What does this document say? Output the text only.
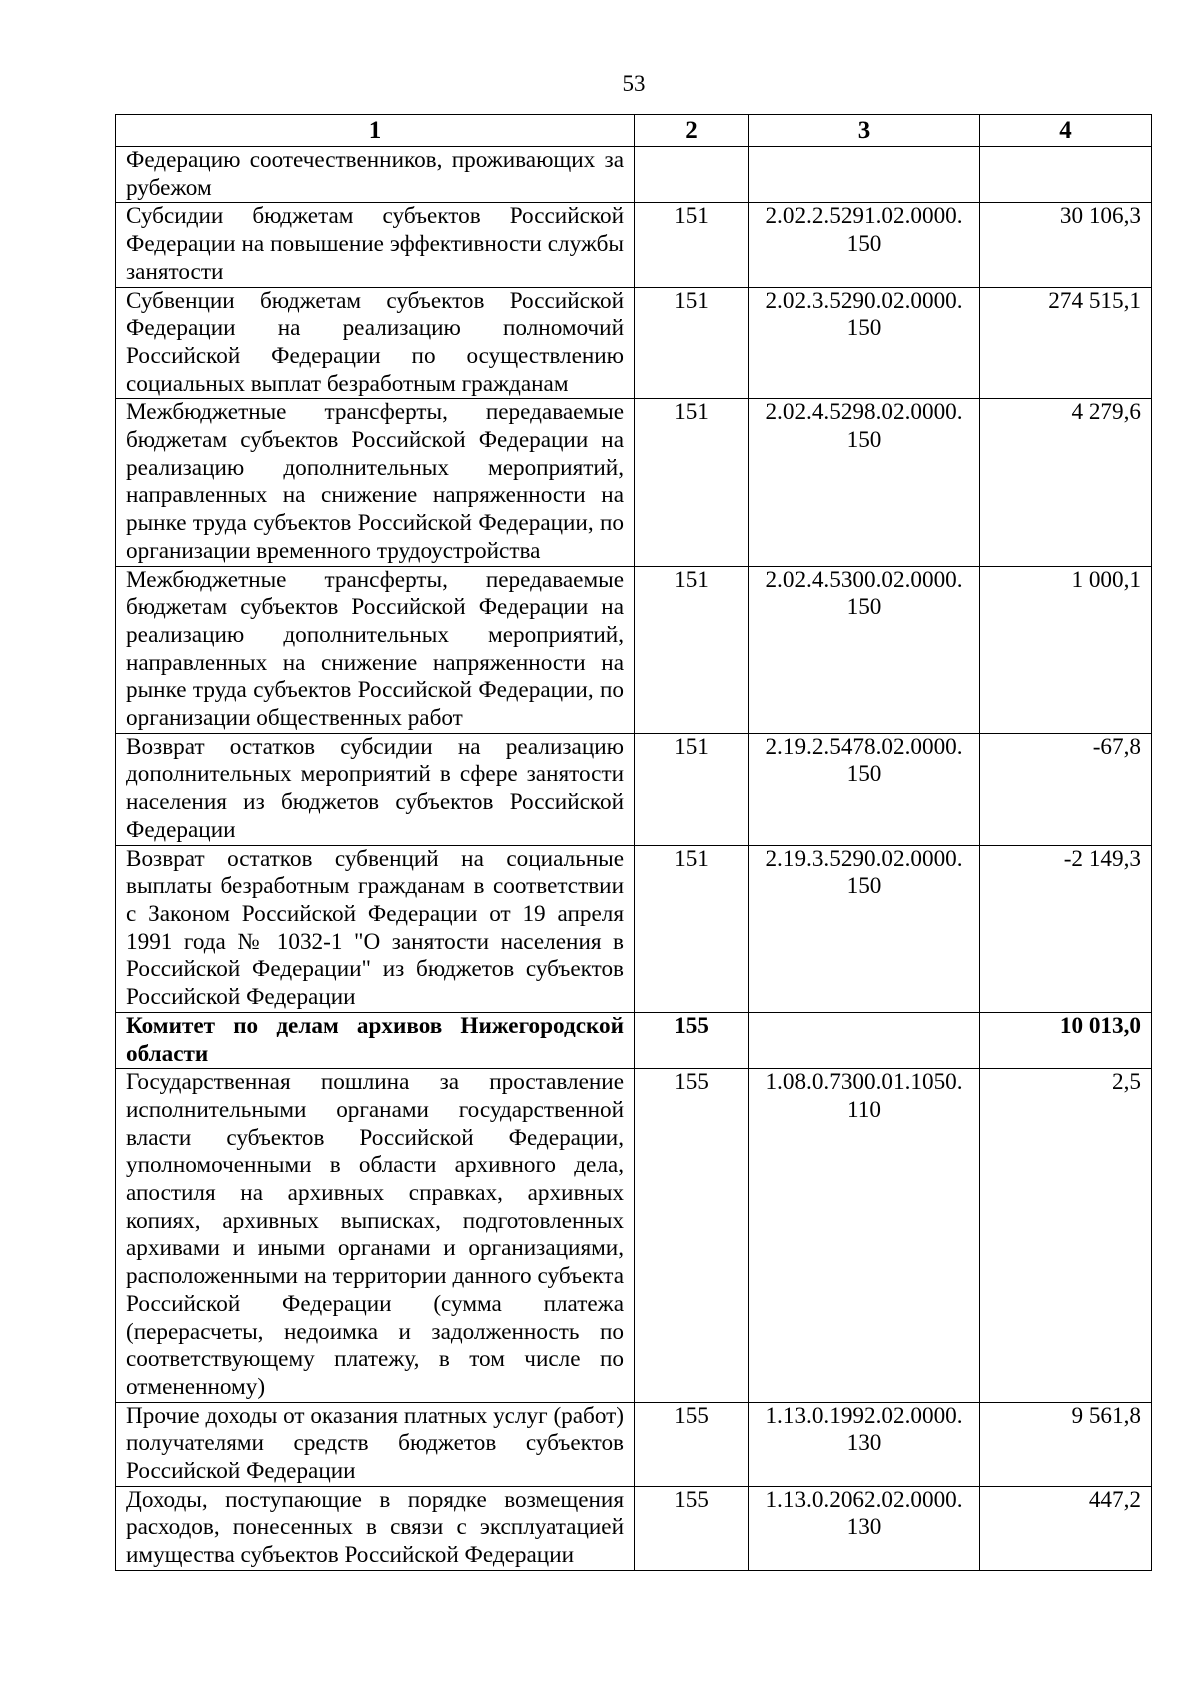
53
1	2	3	4
Федерацию соотечественников, проживающих за рубежом			
Субсидии бюджетам субъектов Российской Федерации на повышение эффективности службы занятости	151	2.02.2.5291.02.0000. 150	30 106,3
Субвенции бюджетам субъектов Российской Федерации на реализацию полномочий Российской Федерации по осуществлению социальных выплат безработным гражданам	151	2.02.3.5290.02.0000. 150	274 515,1
Межбюджетные трансферты, передаваемые бюджетам субъектов Российской Федерации на реализацию дополнительных мероприятий, направленных на снижение напряженности на рынке труда субъектов Российской Федерации, по организации временного трудоустройства	151	2.02.4.5298.02.0000. 150	4 279,6
Межбюджетные трансферты, передаваемые бюджетам субъектов Российской Федерации на реализацию дополнительных мероприятий, направленных на снижение напряженности на рынке труда субъектов Российской Федерации, по организации общественных работ	151	2.02.4.5300.02.0000. 150	1 000,1
Возврат остатков субсидии на реализацию дополнительных мероприятий в сфере занятости населения из бюджетов субъектов Российской Федерации	151	2.19.2.5478.02.0000. 150	-67,8
Возврат остатков субвенций на социальные выплаты безработным гражданам в соответствии с Законом Российской Федерации от 19 апреля 1991 года № 1032-1 "О занятости населения в Российской Федерации" из бюджетов субъектов Российской Федерации	151	2.19.3.5290.02.0000. 150	-2 149,3
Комитет по делам архивов Нижегородской области	155		10 013,0
Государственная пошлина за проставление исполнительными органами государственной власти субъектов Российской Федерации, уполномоченными в области архивного дела, апостиля на архивных справках, архивных копиях, архивных выписках, подготовленных архивами и иными органами и организациями, расположенными на территории данного субъекта Российской Федерации (сумма платежа (перерасчеты, недоимка и задолженность по соответствующему платежу, в том числе по отмененному)	155	1.08.0.7300.01.1050. 110	2,5
Прочие доходы от оказания платных услуг (работ) получателями средств бюджетов субъектов Российской Федерации	155	1.13.0.1992.02.0000. 130	9 561,8
Доходы, поступающие в порядке возмещения расходов, понесенных в связи с эксплуатацией имущества субъектов Российской Федерации	155	1.13.0.2062.02.0000. 130	447,2
